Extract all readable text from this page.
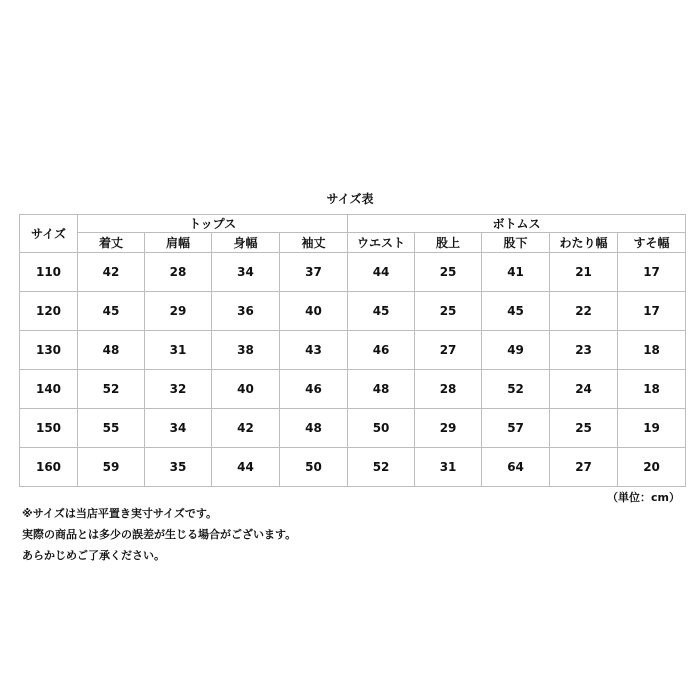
サイズ表
サイズ	トップス				ボトムス				
	着丈	肩幅	身幅	袖丈	ウエスト	股上	股下	わたり幅	すそ幅
110	42	28	34	37	44	25	41	21	17
120	45	29	36	40	45	25	45	22	17
130	48	31	38	43	46	27	49	23	18
140	52	32	40	46	48	28	52	24	18
150	55	34	42	48	50	29	57	25	19
160	59	35	44	50	52	31	64	27	20
（単位：cm）
※サイズは当店平置き実寸サイズです。
実際の商品とは多少の誤差が生じる場合がございます。
あらかじめご了承ください。
